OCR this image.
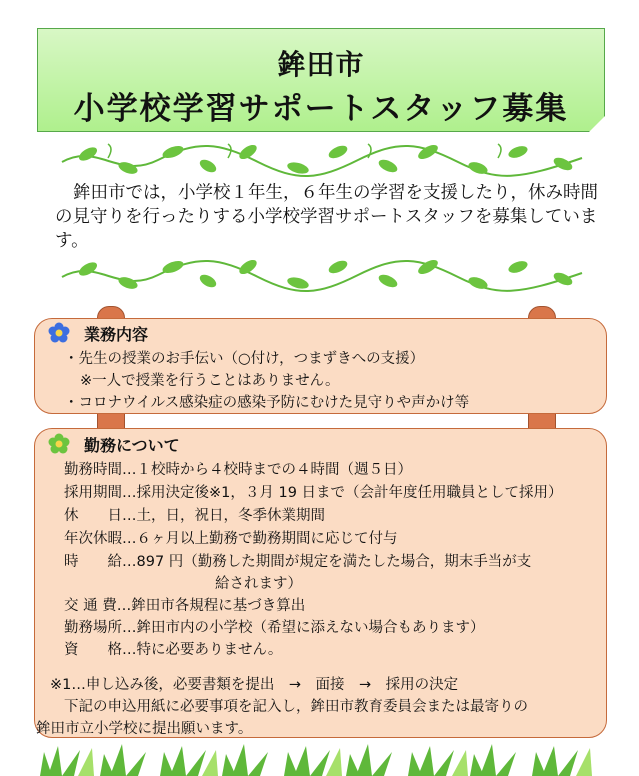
鉾田市
小学校学習サポートスタッフ募集
鉾田市では，小学校１年生，６年生の学習を支援したり，休み時間の見守りを行ったりする小学校学習サポートスタッフを募集しています。
業務内容
・先生の授業のお手伝い（○付け，つまずきへの支援）
※一人で授業を行うことはありません。
・コロナウイルス感染症の感染予防にむけた見守りや声かけ等
勤務について
勤務時間…１校時から４校時までの４時間（週５日）
採用期間…採用決定後※1，３月 19 日まで（会計年度任用職員として採用）
休　　日…土，日，祝日，冬季休業期間
年次休暇…６ヶ月以上勤務で勤務期間に応じて付与
時　　給…897 円（勤務した期間が規定を満たした場合，期末手当が支
給されます）
交 通 費…鉾田市各規程に基づき算出
勤務場所…鉾田市内の小学校（希望に添えない場合もあります）
資　　格…特に必要ありません。
※1…申し込み後，必要書類を提出　→　面接　→　採用の決定
下記の申込用紙に必要事項を記入し，鉾田市教育委員会または最寄りの
鉾田市立小学校に提出願います。
